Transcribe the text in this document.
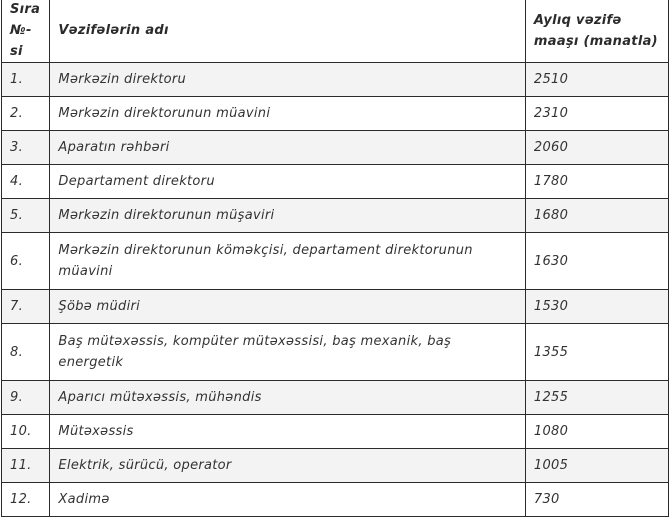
Sıra №-si	Vəzifələrin adı	Aylıq vəzifə maaşı (manatla)
1.	Mərkəzin direktoru	2510
2.	Mərkəzin direktorunun müavini	2310
3.	Aparatın rəhbəri	2060
4.	Departament direktoru	1780
5.	Mərkəzin direktorunun müşaviri	1680
6.	Mərkəzin direktorunun köməkçisi, departament direktorunun müavini	1630
7.	Şöbə müdiri	1530
8.	Baş mütəxəssis, kompüter mütəxəssisi, baş mexanik, baş energetik	1355
9.	Aparıcı mütəxəssis, mühəndis	1255
10.	Mütəxəssis	1080
11.	Elektrik, sürücü, operator	1005
12.	Xadimə	730
